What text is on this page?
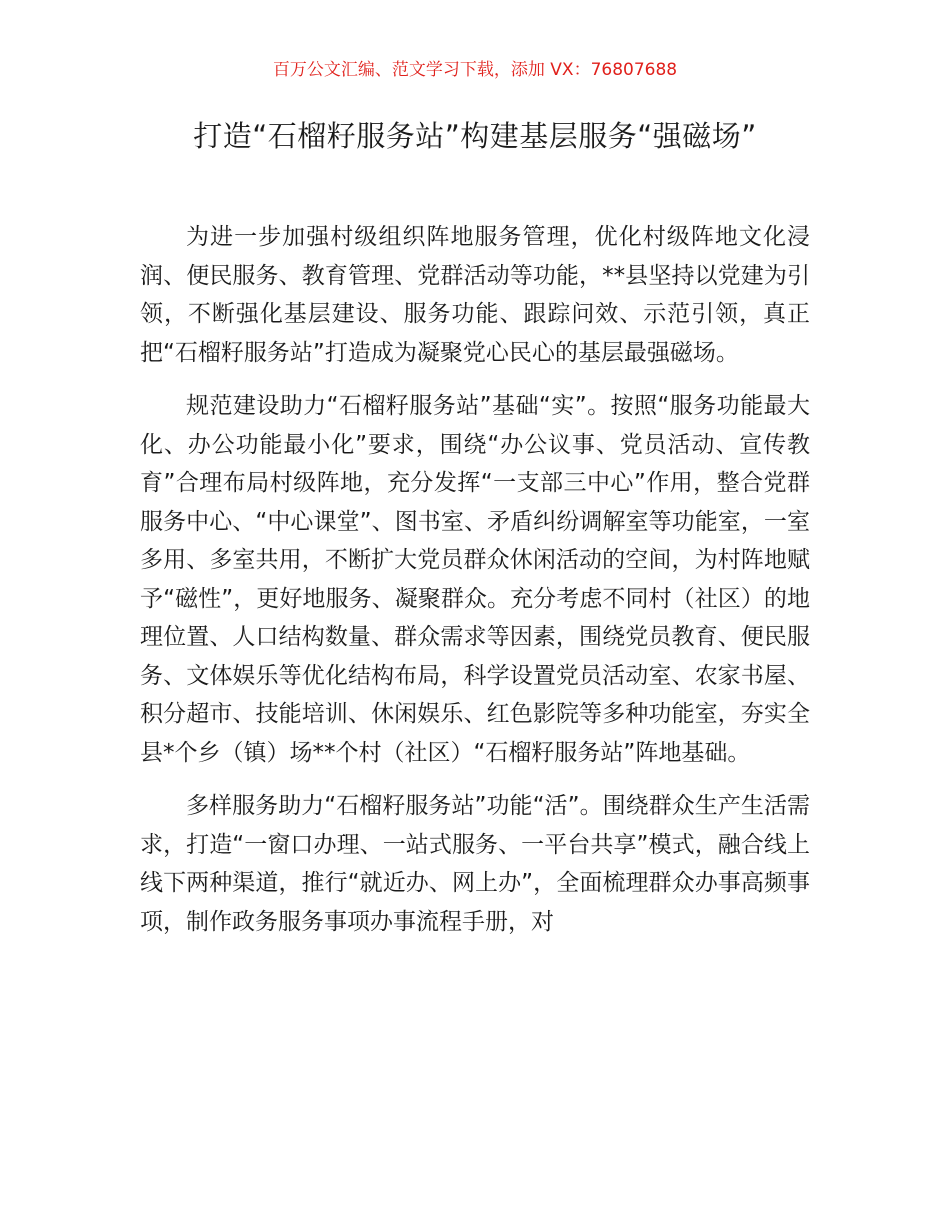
百万公文汇编、范文学习下载，添加 VX：76807688
打造“石榴籽服务站”构建基层服务“强磁场”

为进一步加强村级组织阵地服务管理，优化村级阵地文化浸润、便民服务、教育管理、党群活动等功能，**县坚持以党建为引领，不断强化基层建设、服务功能、跟踪问效、示范引领，真正把“石榴籽服务站”打造成为凝聚党心民心的基层最强磁场。

规范建设助力“石榴籽服务站”基础“实”。按照“服务功能最大化、办公功能最小化”要求，围绕“办公议事、党员活动、宣传教育”合理布局村级阵地，充分发挥“一支部三中心”作用，整合党群服务中心、“中心课堂”、图书室、矛盾纠纷调解室等功能室，一室多用、多室共用，不断扩大党员群众休闲活动的空间，为村阵地赋予“磁性”，更好地服务、凝聚群众。充分考虑不同村（社区）的地理位置、人口结构数量、群众需求等因素，围绕党员教育、便民服务、文体娱乐等优化结构布局，科学设置党员活动室、农家书屋、积分超市、技能培训、休闲娱乐、红色影院等多种功能室，夯实全县*个乡（镇）场**个村（社区）“石榴籽服务站”阵地基础。

多样服务助力“石榴籽服务站”功能“活”。围绕群众生产生活需求，打造“一窗口办理、一站式服务、一平台共享”模式，融合线上线下两种渠道，推行“就近办、网上办”，全面梳理群众办事高频事项，制作政务服务事项办事流程手册，对
